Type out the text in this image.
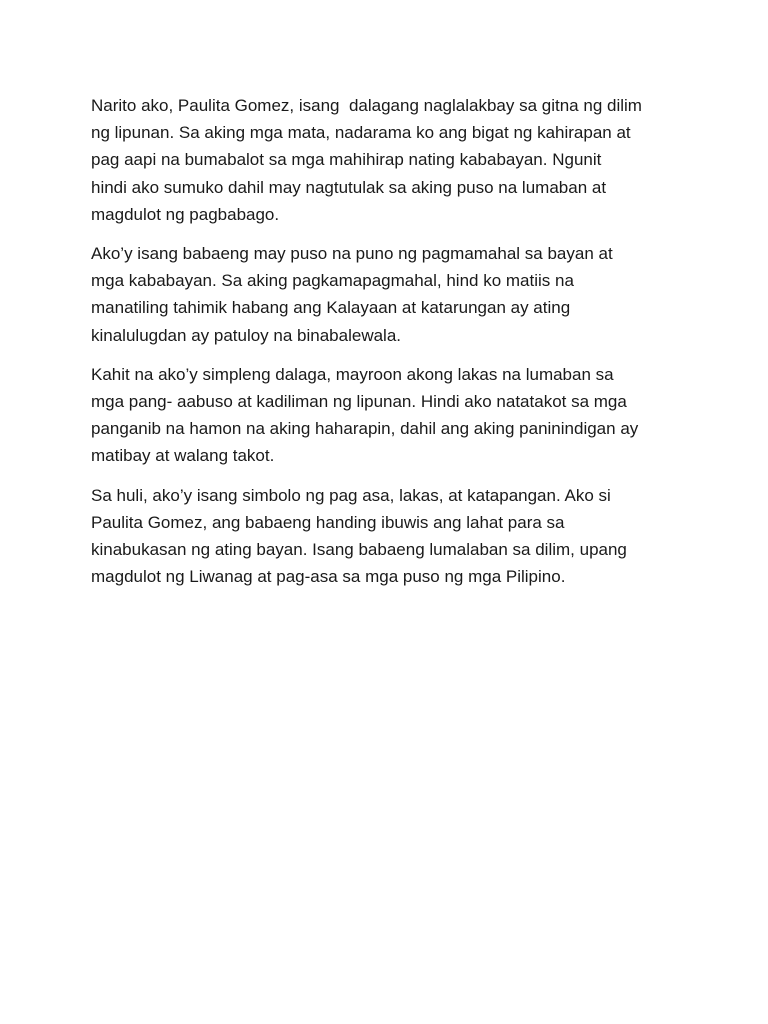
Narito ako, Paulita Gomez, isang  dalagang naglalakbay sa gitna ng dilim
ng lipunan. Sa aking mga mata, nadarama ko ang bigat ng kahirapan at
pag aapi na bumabalot sa mga mahihirap nating kababayan. Ngunit
hindi ako sumuko dahil may nagtutulak sa aking puso na lumaban at
magdulot ng pagbabago.

Ako’y isang babaeng may puso na puno ng pagmamahal sa bayan at
mga kababayan. Sa aking pagkamapagmahal, hind ko matiis na
manatiling tahimik habang ang Kalayaan at katarungan ay ating
kinalulugdan ay patuloy na binabalewala.

Kahit na ako’y simpleng dalaga, mayroon akong lakas na lumaban sa
mga pang- aabuso at kadiliman ng lipunan. Hindi ako natatakot sa mga
panganib na hamon na aking haharapin, dahil ang aking paninindigan ay
matibay at walang takot.

Sa huli, ako’y isang simbolo ng pag asa, lakas, at katapangan. Ako si
Paulita Gomez, ang babaeng handing ibuwis ang lahat para sa
kinabukasan ng ating bayan. Isang babaeng lumalaban sa dilim, upang
magdulot ng Liwanag at pag-asa sa mga puso ng mga Pilipino.
